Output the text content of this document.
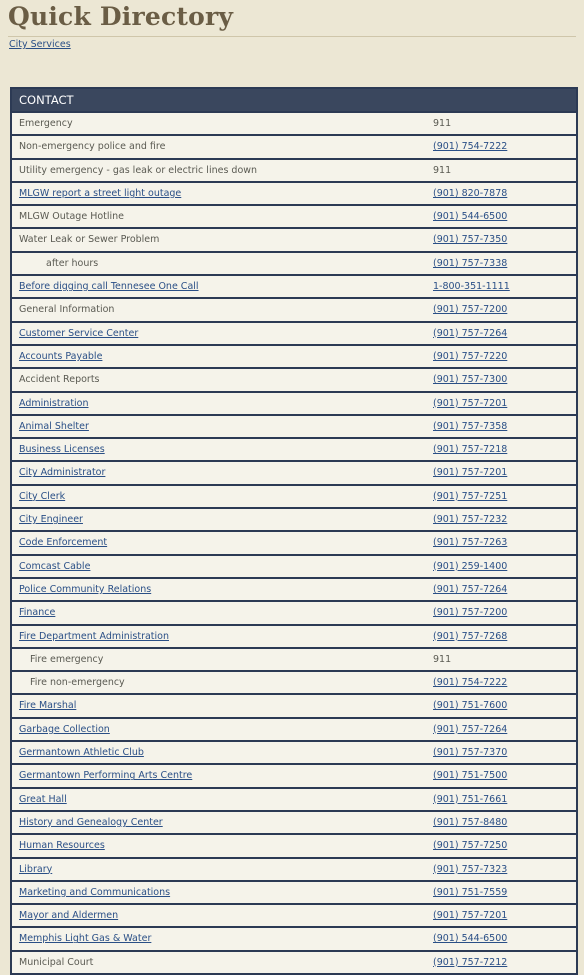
Quick Directory
City Services
CONTACT
Emergency	911
Non-emergency police and fire	(901) 754-7222
Utility emergency - gas leak or electric lines down	911
MLGW report a street light outage	(901) 820-7878
MLGW Outage Hotline	(901) 544-6500
Water Leak or Sewer Problem	(901) 757-7350
after hours	(901) 757-7338
Before digging call Tennesee One Call	1-800-351-1111
General Information	(901) 757-7200
Customer Service Center	(901) 757-7264
Accounts Payable	(901) 757-7220
Accident Reports	(901) 757-7300
Administration	(901) 757-7201
Animal Shelter	(901) 757-7358
Business Licenses	(901) 757-7218
City Administrator	(901) 757-7201
City Clerk	(901) 757-7251
City Engineer	(901) 757-7232
Code Enforcement	(901) 757-7263
Comcast Cable	(901) 259-1400
Police Community Relations	(901) 757-7264
Finance	(901) 757-7200
Fire Department Administration	(901) 757-7268
Fire emergency	911
Fire non-emergency	(901) 754-7222
Fire Marshal	(901) 751-7600
Garbage Collection	(901) 757-7264
Germantown Athletic Club	(901) 757-7370
Germantown Performing Arts Centre	(901) 751-7500
Great Hall	(901) 751-7661
History and Genealogy Center	(901) 757-8480
Human Resources	(901) 757-7250
Library	(901) 757-7323
Marketing and Communications	(901) 751-7559
Mayor and Aldermen	(901) 757-7201
Memphis Light Gas & Water	(901) 544-6500
Municipal Court	(901) 757-7212
